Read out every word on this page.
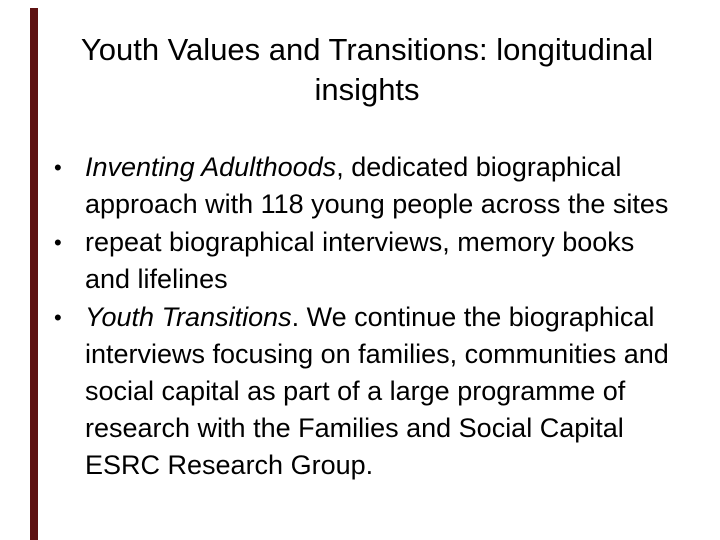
Youth Values and Transitions: longitudinal
insights
• Inventing Adulthoods, dedicated biographical approach with 118 young people across the sites
• repeat biographical interviews, memory books and lifelines
• Youth Transitions. We continue the biographical interviews focusing on families, communities and social capital as part of a large programme of research with the Families and Social Capital ESRC Research Group.
